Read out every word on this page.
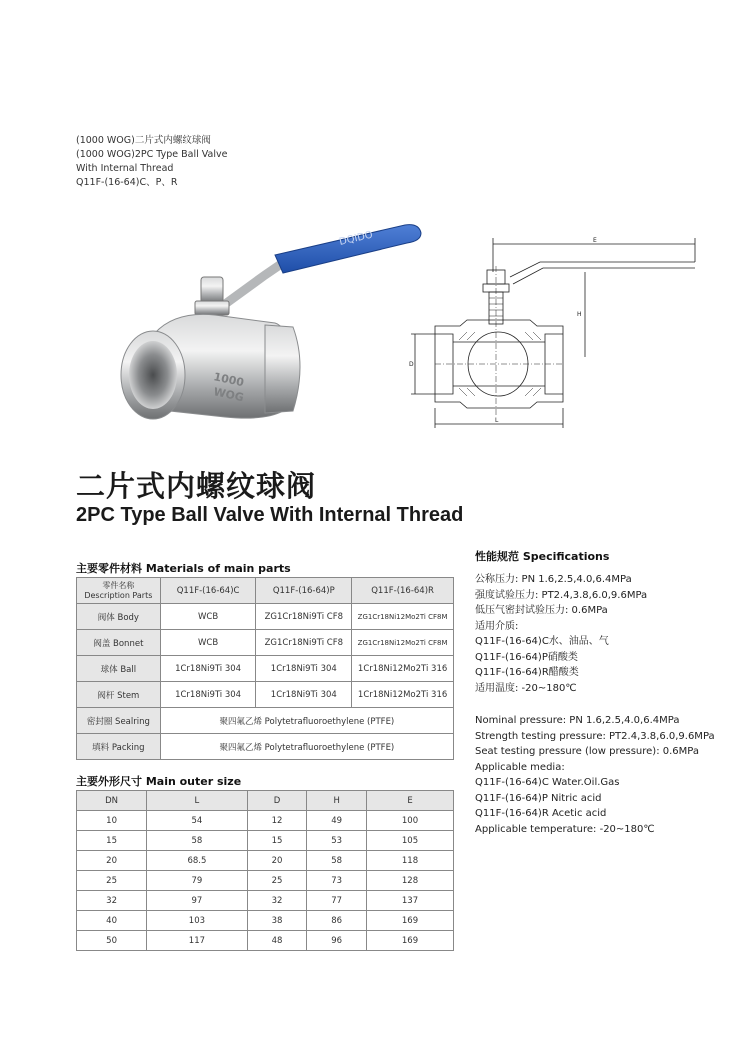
(1000 WOG)二片式内螺纹球阀
(1000 WOG)2PC Type Ball Valve
With Internal Thread
Q11F-(16-64)C、P、R
DQIDO
1000
WOG
E
H
D
L
二片式内螺纹球阀
2PC Type Ball Valve With Internal Thread
主要零件材料 Materials of main parts
零件名称
Description Parts	Q11F-(16-64)C	Q11F-(16-64)P	Q11F-(16-64)R
阀体 Body	WCB	ZG1Cr18Ni9Ti CF8	ZG1Cr18Ni12Mo2Ti CF8M
阀盖 Bonnet	WCB	ZG1Cr18Ni9Ti CF8	ZG1Cr18Ni12Mo2Ti CF8M
球体 Ball	1Cr18Ni9Ti 304	1Cr18Ni9Ti 304	1Cr18Ni12Mo2Ti 316
阀杆 Stem	1Cr18Ni9Ti 304	1Cr18Ni9Ti 304	1Cr18Ni12Mo2Ti 316
密封圈 Sealring	聚四氟乙烯 Polytetrafluoroethylene (PTFE)		
填料 Packing	聚四氟乙烯 Polytetrafluoroethylene (PTFE)		
主要外形尺寸 Main outer size
DN	L	D	H	E
10	54	12	49	100
15	58	15	53	105
20	68.5	20	58	118
25	79	25	73	128
32	97	32	77	137
40	103	38	86	169
50	117	48	96	169
性能规范 Specifications
公称压力: PN 1.6,2.5,4.0,6.4MPa
强度试验压力: PT2.4,3.8,6.0,9.6MPa
低压气密封试验压力: 0.6MPa
适用介质:
Q11F-(16-64)C水、油品、气
Q11F-(16-64)P硝酸类
Q11F-(16-64)R醋酸类
适用温度: -20~180℃
Nominal pressure: PN 1.6,2.5,4.0,6.4MPa
Strength testing pressure: PT2.4,3.8,6.0,9.6MPa
Seat testing pressure (low pressure): 0.6MPa
Applicable media:
Q11F-(16-64)C Water.Oil.Gas
Q11F-(16-64)P Nitric acid
Q11F-(16-64)R Acetic acid
Applicable temperature: -20~180℃
